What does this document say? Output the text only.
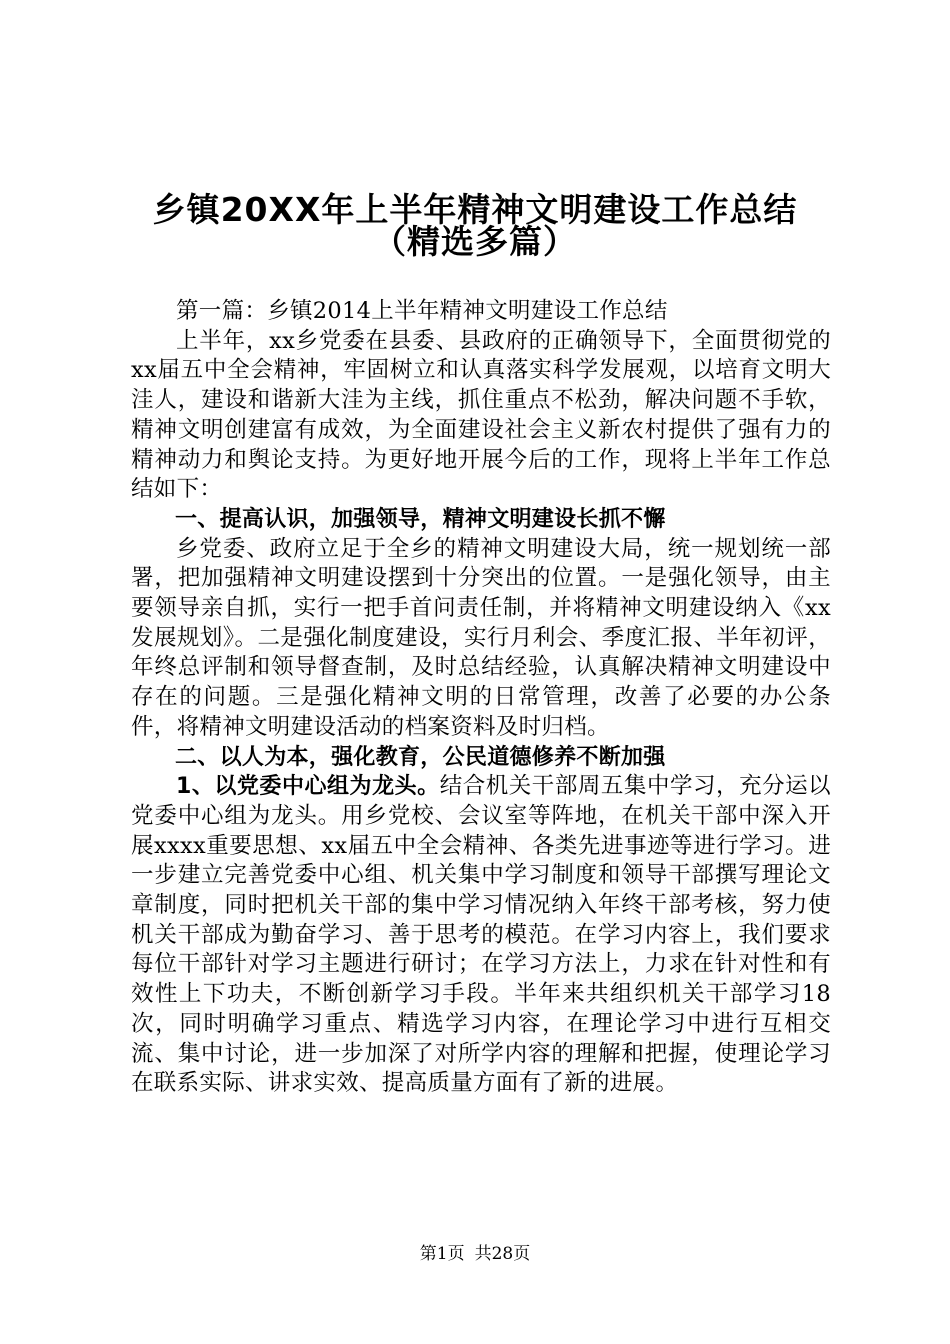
乡镇20XX年上半年精神文明建设工作总结
（精选多篇）

第一篇：乡镇2014上半年精神文明建设工作总结

上半年，xx乡党委在县委、县政府的正确领导下，全面贯彻党的xx届五中全会精神，牢固树立和认真落实科学发展观，以培育文明大洼人，建设和谐新大洼为主线，抓住重点不松劲，解决问题不手软，精神文明创建富有成效，为全面建设社会主义新农村提供了强有力的精神动力和舆论支持。为更好地开展今后的工作，现将上半年工作总结如下：

一、提高认识，加强领导，精神文明建设长抓不懈

乡党委、政府立足于全乡的精神文明建设大局，统一规划统一部署，把加强精神文明建设摆到十分突出的位置。一是强化领导，由主要领导亲自抓，实行一把手首问责任制，并将精神文明建设纳入《xx发展规划》。二是强化制度建设，实行月利会、季度汇报、半年初评，年终总评制和领导督查制，及时总结经验，认真解决精神文明建设中存在的问题。三是强化精神文明的日常管理，改善了必要的办公条件，将精神文明建设活动的档案资料及时归档。

二、以人为本，强化教育，公民道德修养不断加强

1、以党委中心组为龙头。结合机关干部周五集中学习，充分运以党委中心组为龙头。用乡党校、会议室等阵地，在机关干部中深入开展xxxx重要思想、xx届五中全会精神、各类先进事迹等进行学习。进一步建立完善党委中心组、机关集中学习制度和领导干部撰写理论文章制度，同时把机关干部的集中学习情况纳入年终干部考核，努力使机关干部成为勤奋学习、善于思考的模范。在学习内容上，我们要求每位干部针对学习主题进行研讨；在学习方法上，力求在针对性和有效性上下功夫，不断创新学习手段。半年来共组织机关干部学习18次，同时明确学习重点、精选学习内容，在理论学习中进行互相交流、集中讨论，进一步加深了对所学内容的理解和把握，使理论学习在联系实际、讲求实效、提高质量方面有了新的进展。

第1页 共28页
